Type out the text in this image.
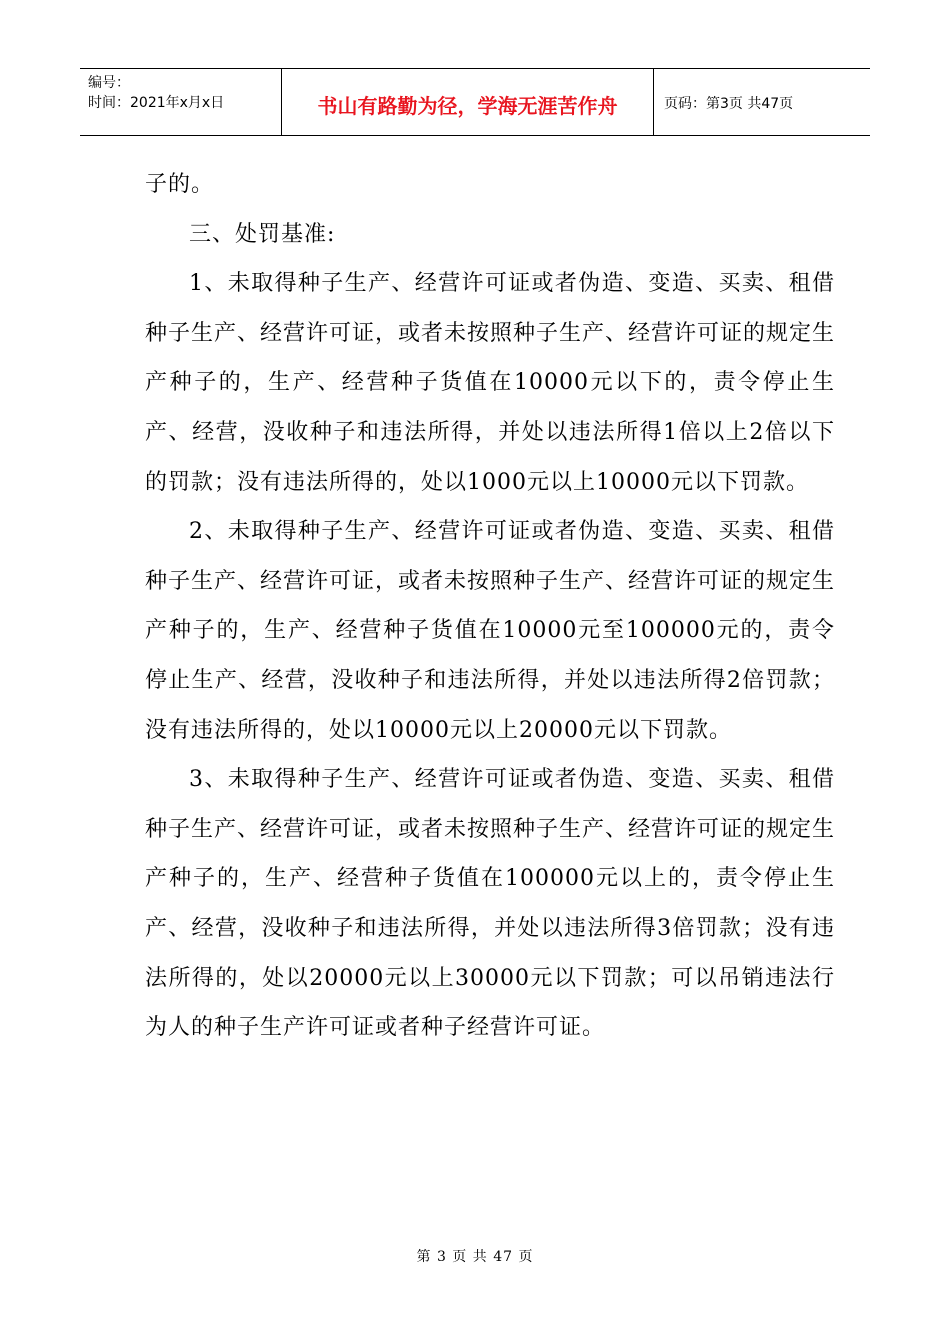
编号：
时间：2021年x月x日	书山有路勤为径，学海无涯苦作舟	页码：第3页 共47页

子的。

三、处罚基准:

1、未取得种子生产、经营许可证或者伪造、变造、买卖、租借种子生产、经营许可证，或者未按照种子生产、经营许可证的规定生产种子的，生产、经营种子货值在10000元以下的，责令停止生产、经营，没收种子和违法所得，并处以违法所得1倍以上2倍以下的罚款；没有违法所得的，处以1000元以上10000元以下罚款。

2、未取得种子生产、经营许可证或者伪造、变造、买卖、租借种子生产、经营许可证，或者未按照种子生产、经营许可证的规定生产种子的，生产、经营种子货值在10000元至100000元的，责令停止生产、经营，没收种子和违法所得，并处以违法所得2倍罚款；没有违法所得的，处以10000元以上20000元以下罚款。

3、未取得种子生产、经营许可证或者伪造、变造、买卖、租借种子生产、经营许可证，或者未按照种子生产、经营许可证的规定生产种子的，生产、经营种子货值在100000元以上的，责令停止生产、经营，没收种子和违法所得，并处以违法所得3倍罚款；没有违法所得的，处以20000元以上30000元以下罚款；可以吊销违法行为人的种子生产许可证或者种子经营许可证。

第 3 页 共 47 页
